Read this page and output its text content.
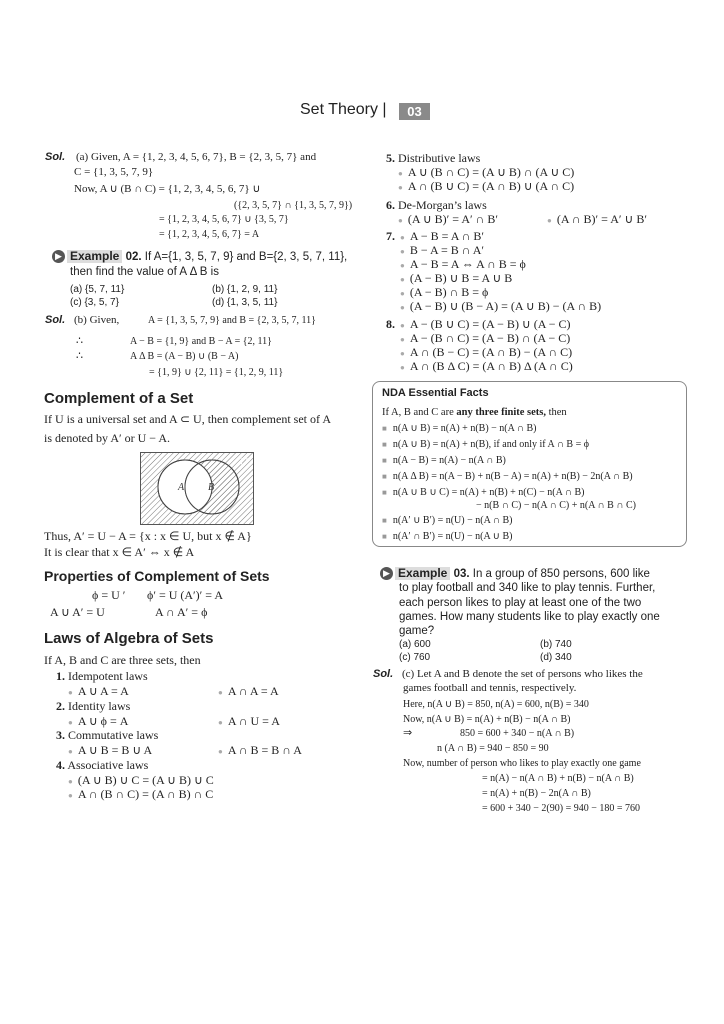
Set Theory |	03
Sol. (a) Given, A = {1, 2, 3, 4, 5, 6, 7}, B = {2, 3, 5, 7} and
C = {1, 3, 5, 7, 9}
Now, A ∪ (B ∩ C) = {1, 2, 3, 4, 5, 6, 7} ∪
({2, 3, 5, 7} ∩ {1, 3, 5, 7, 9})
= {1, 2, 3, 4, 5, 6, 7} ∪ {3, 5, 7}
= {1, 2, 3, 4, 5, 6, 7} = A
▶ Example 02. If A={1, 3, 5, 7, 9} and B={2, 3, 5, 7, 11},
then find the value of A Δ B is
(a) {5, 7, 11}	(b) {1, 2, 9, 11}
(c) {3, 5, 7}	(d) {1, 3, 5, 11}
Sol. (b) Given,	A = {1, 3, 5, 7, 9} and B = {2, 3, 5, 7, 11}
∴	A − B = {1, 9} and B − A = {2, 11}
∴	A Δ B = (A − B) ∪ (B − A)
= {1, 9} ∪ {2, 11} = {1, 2, 9, 11}
Complement of a Set
If U is a universal set and A ⊂ U, then complement set of A
is denoted by A′ or U − A.
U
A B
Thus, A′ = U − A = {x : x ∈ U, but x ∉ A}
It is clear that x ∈ A′ ⇔ x ∉ A
Properties of Complement of Sets
ϕ = U ′ ϕ′ = U (A′)′ = A
A ∪ A′ = U	A ∩ A′ = ϕ
Laws of Algebra of Sets
If A, B and C are three sets, then
1. Idempotent laws
● A ∪ A = A	● A ∩ A = A
2. Identity laws
● A ∪ ϕ = A	● A ∩ U = A
3. Commutative laws
● A ∪ B = B ∪ A	● A ∩ B = B ∩ A
4. Associative laws
● (A ∪ B) ∪ C = (A ∪ B) ∪ C
● A ∩ (B ∩ C) = (A ∩ B) ∩ C
5. Distributive laws
● A ∪ (B ∩ C) = (A ∪ B) ∩ (A ∪ C)
● A ∩ (B ∪ C) = (A ∩ B) ∪ (A ∩ C)
6. De-Morgan’s laws
● (A ∪ B)′ = A′ ∩ B′	● (A ∩ B)′ = A′ ∪ B′
7. ● A − B = A ∩ B′
● B − A = B ∩ A′
● A − B = A ⇔ A ∩ B = ϕ
● (A − B) ∪ B = A ∪ B
● (A − B) ∩ B = ϕ
● (A − B) ∪ (B − A) = (A ∪ B) − (A ∩ B)
8. ● A − (B ∪ C) = (A − B) ∪ (A − C)
● A − (B ∩ C) = (A − B) ∩ (A − C)
● A ∩ (B − C) = (A ∩ B) − (A ∩ C)
● A ∩ (B Δ C) = (A ∩ B) Δ (A ∩ C)
NDA Essential Facts
If A, B and C are any three finite sets, then
■ n(A ∪ B) = n(A) + n(B) − n(A ∩ B)
■ n(A ∪ B) = n(A) + n(B), if and only if A ∩ B = ϕ
■ n(A − B) = n(A) − n(A ∩ B)
■ n(A Δ B) = n(A − B) + n(B − A) = n(A) + n(B) − 2n(A ∩ B)
■ n(A ∪ B ∪ C) = n(A) + n(B) + n(C) − n(A ∩ B)
− n(B ∩ C) − n(A ∩ C) + n(A ∩ B ∩ C)
■ n(A′ ∪ B′) = n(U) − n(A ∩ B)
■ n(A′ ∩ B′) = n(U) − n(A ∪ B)
▶ Example 03. In a group of 850 persons, 600 like
to play football and 340 like to play tennis. Further,
each person likes to play at least one of the two
games. How many students like to play exactly one
game?
(a) 600	(b) 740
(c) 760	(d) 340
Sol. (c) Let A and B denote the set of persons who likes the
games football and tennis, respectively.
Here, n(A ∪ B) = 850, n(A) = 600, n(B) = 340
Now, n(A ∪ B) = n(A) + n(B) − n(A ∩ B)
⇒	850 = 600 + 340 − n(A ∩ B)
n (A ∩ B) = 940 − 850 = 90
Now, number of person who likes to play exactly one game
= n(A) − n(A ∩ B) + n(B) − n(A ∩ B)
= n(A) + n(B) − 2n(A ∩ B)
= 600 + 340 − 2(90) = 940 − 180 = 760
